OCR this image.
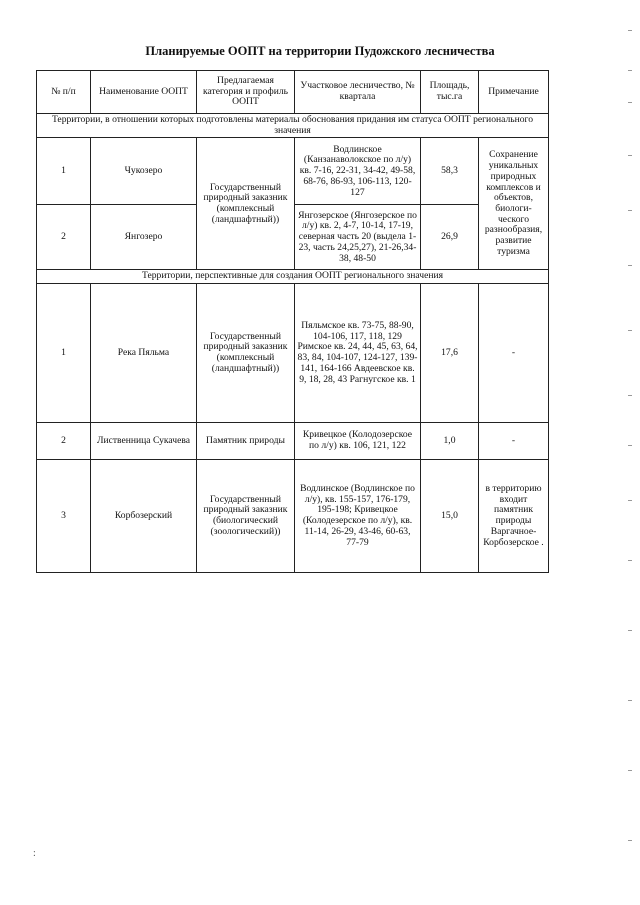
Планируемые ООПТ на территории Пудожского лесничества
№ п/п	Наименование ООПТ	Предлагаемая категория и профиль ООПТ	Участковое лесничество, № квартала	Площадь, тыс.га	Примечание
Территории, в отношении которых подготовлены материалы обоснования придания им статуса ООПТ регионального значения					
1	Чукозеро	Государственный природный заказник (комплексный (ландшафтный))	Водлинское (Канзанаволокское по л/у) кв. 7-16, 22-31, 34-42, 49-58, 68-76, 86-93, 106-113, 120-127	58,3	Сохранение уникальных природных комплексов и объектов, биологи-ческого разнообразия, развитие туризма
2	Янгозеро		Янгозерское (Янгозерское по л/у) кв. 2, 4-7, 10-14, 17-19, северная часть 20 (выдела 1-23, часть 24,25,27), 21-26,34-38, 48-50	26,9	
Территории, перспективные для создания ООПТ регионального значения					
1	Река Пяльма	Государственный природный заказник (комплексный (ландшафтный))	Пяльмское кв. 73-75, 88-90, 104-106, 117, 118, 129 Римское кв. 24, 44, 45, 63, 64, 83, 84, 104-107, 124-127, 139-141, 164-166 Авдеевское кв. 9, 18, 28, 43 Рагнугское кв. 1	17,6	-
2	Лиственница Сукачева	Памятник природы	Кривецкое (Колодозерское по л/у) кв. 106, 121, 122	1,0	-
3	Корбозерский	Государственный природный заказник (биологический (зоологический))	Водлинское (Водлинское по л/у), кв. 155-157, 176-179, 195-198; Кривецкое (Колодезерское по л/у), кв. 11-14, 26-29, 43-46, 60-63, 77-79	15,0	в территорию входит памятник природы Варгачное-Корбозерское .
:
